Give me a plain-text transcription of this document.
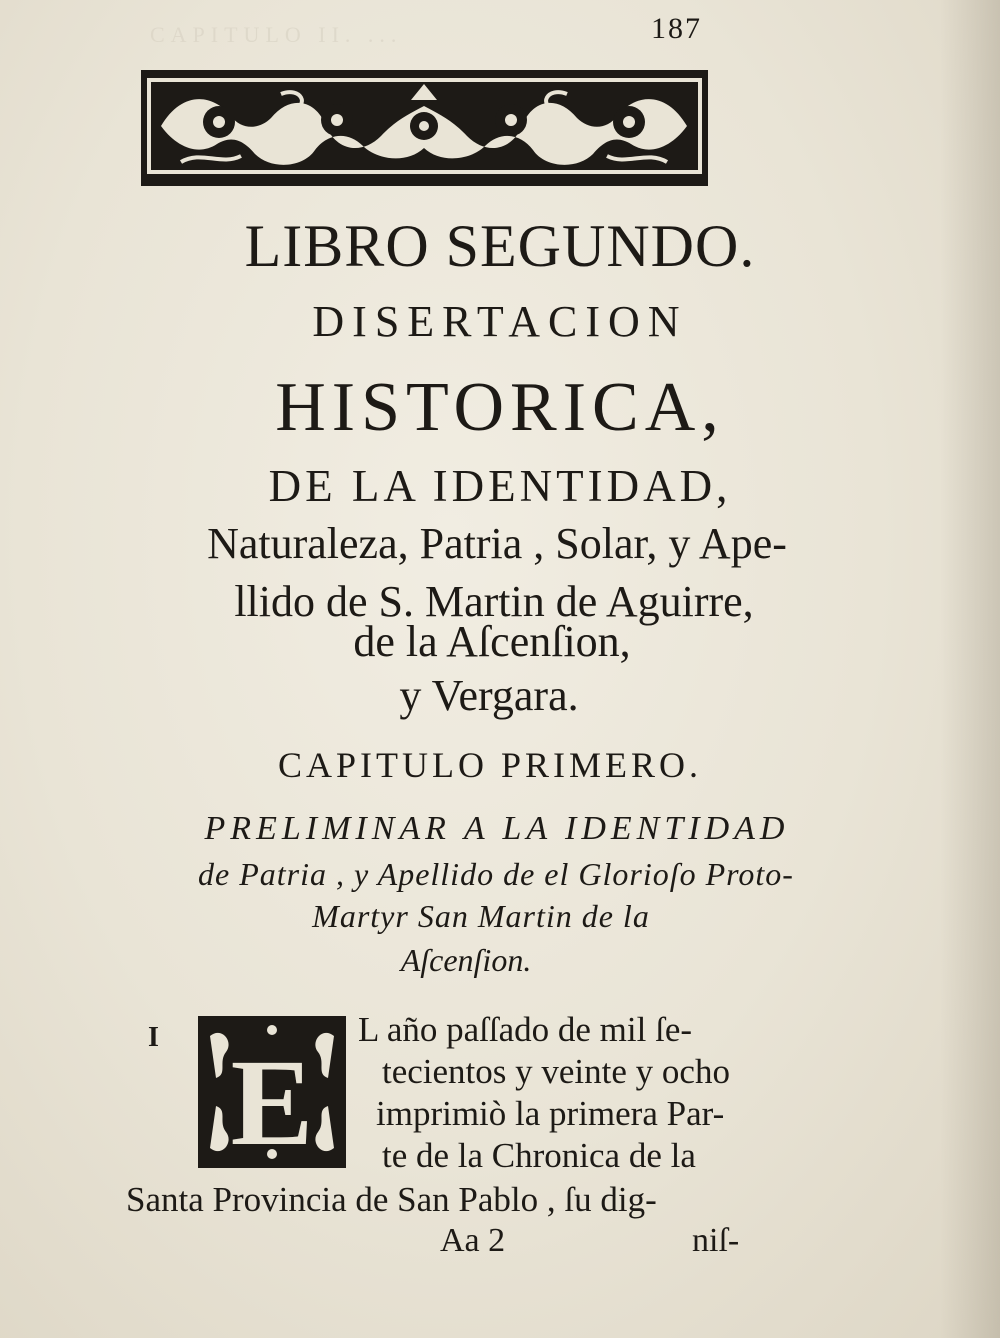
CAPITULO II. ...	187
LIBRO SEGUNDO.
DISERTACION
HISTORICA,
DE LA IDENTIDAD,
Naturaleza, Patria , Solar, y Ape-
llido de S. Martin de Aguirre,
de la Aſcenſion,
y Vergara.
CAPITULO PRIMERO.
PRELIMINAR A LA IDENTIDAD
de Patria , y Apellido de el Glorioſo Proto-
Martyr San Martin de la
Aſcenſion.
I E
L año paſſado de mil ſe-
tecientos y veinte y ocho
imprimiò la primera Par-
te de la Chronica de la
Santa Provincia de San Pablo , ſu dig-
Aa 2	niſ-
